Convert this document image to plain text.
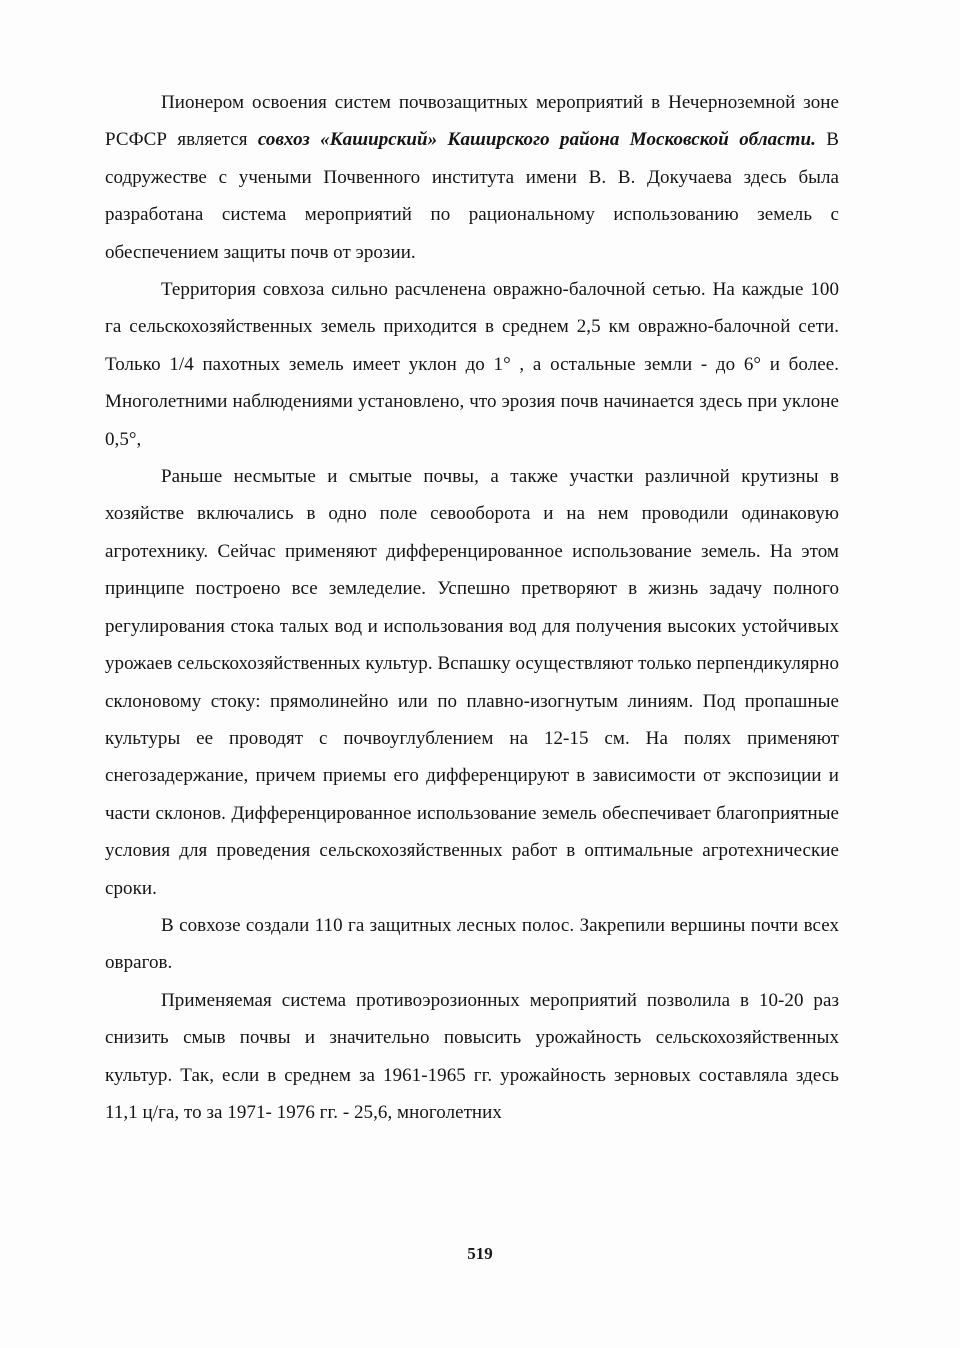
Пионером освоения систем почвозащитных мероприятий в Нечерноземной зоне РСФСР является совхоз «Каширский» Каширского района Московской области. В содружестве с учеными Почвенного института имени В. В. Докучаева здесь была разработана система мероприятий по рациональному использованию земель с обеспечением защиты почв от эрозии.

Территория совхоза сильно расчленена овражно-балочной сетью. На каждые 100 га сельскохозяйственных земель приходится в среднем 2,5 км овражно-балочной сети. Только 1/4 пахотных земель имеет уклон до 1° , а остальные земли - до 6° и более. Многолетними наблюдениями установлено, что эрозия почв начинается здесь при уклоне 0,5°,

Раньше несмытые и смытые почвы, а также участки различной крутизны в хозяйстве включались в одно поле севооборота и на нем проводили одинаковую агротехнику. Сейчас применяют дифференцированное использование земель. На этом принципе построено все земледелие. Успешно претворяют в жизнь задачу полного регулирования стока талых вод и использования вод для получения высоких устойчивых урожаев сельскохозяйственных культур. Вспашку осуществляют только перпендикулярно склоновому стоку: прямолинейно или по плавно-изогнутым линиям. Под пропашные культуры ее проводят с почвоуглублением на 12-15 см. На полях применяют снегозадержание, причем приемы его дифференцируют в зависимости от экспозиции и части склонов. Дифференцированное использование земель обеспечивает благоприятные условия для проведения сельскохозяйственных работ в оптимальные агротехнические сроки.

В совхозе создали 110 га защитных лесных полос. Закрепили вершины почти всех оврагов.

Применяемая система противоэрозионных мероприятий позволила в 10-20 раз снизить смыв почвы и значительно повысить урожайность сельскохозяйственных культур. Так, если в среднем за 1961-1965 гг. урожайность зерновых составляла здесь 11,1 ц/га, то за 1971- 1976 гг. - 25,6, многолетних

519
